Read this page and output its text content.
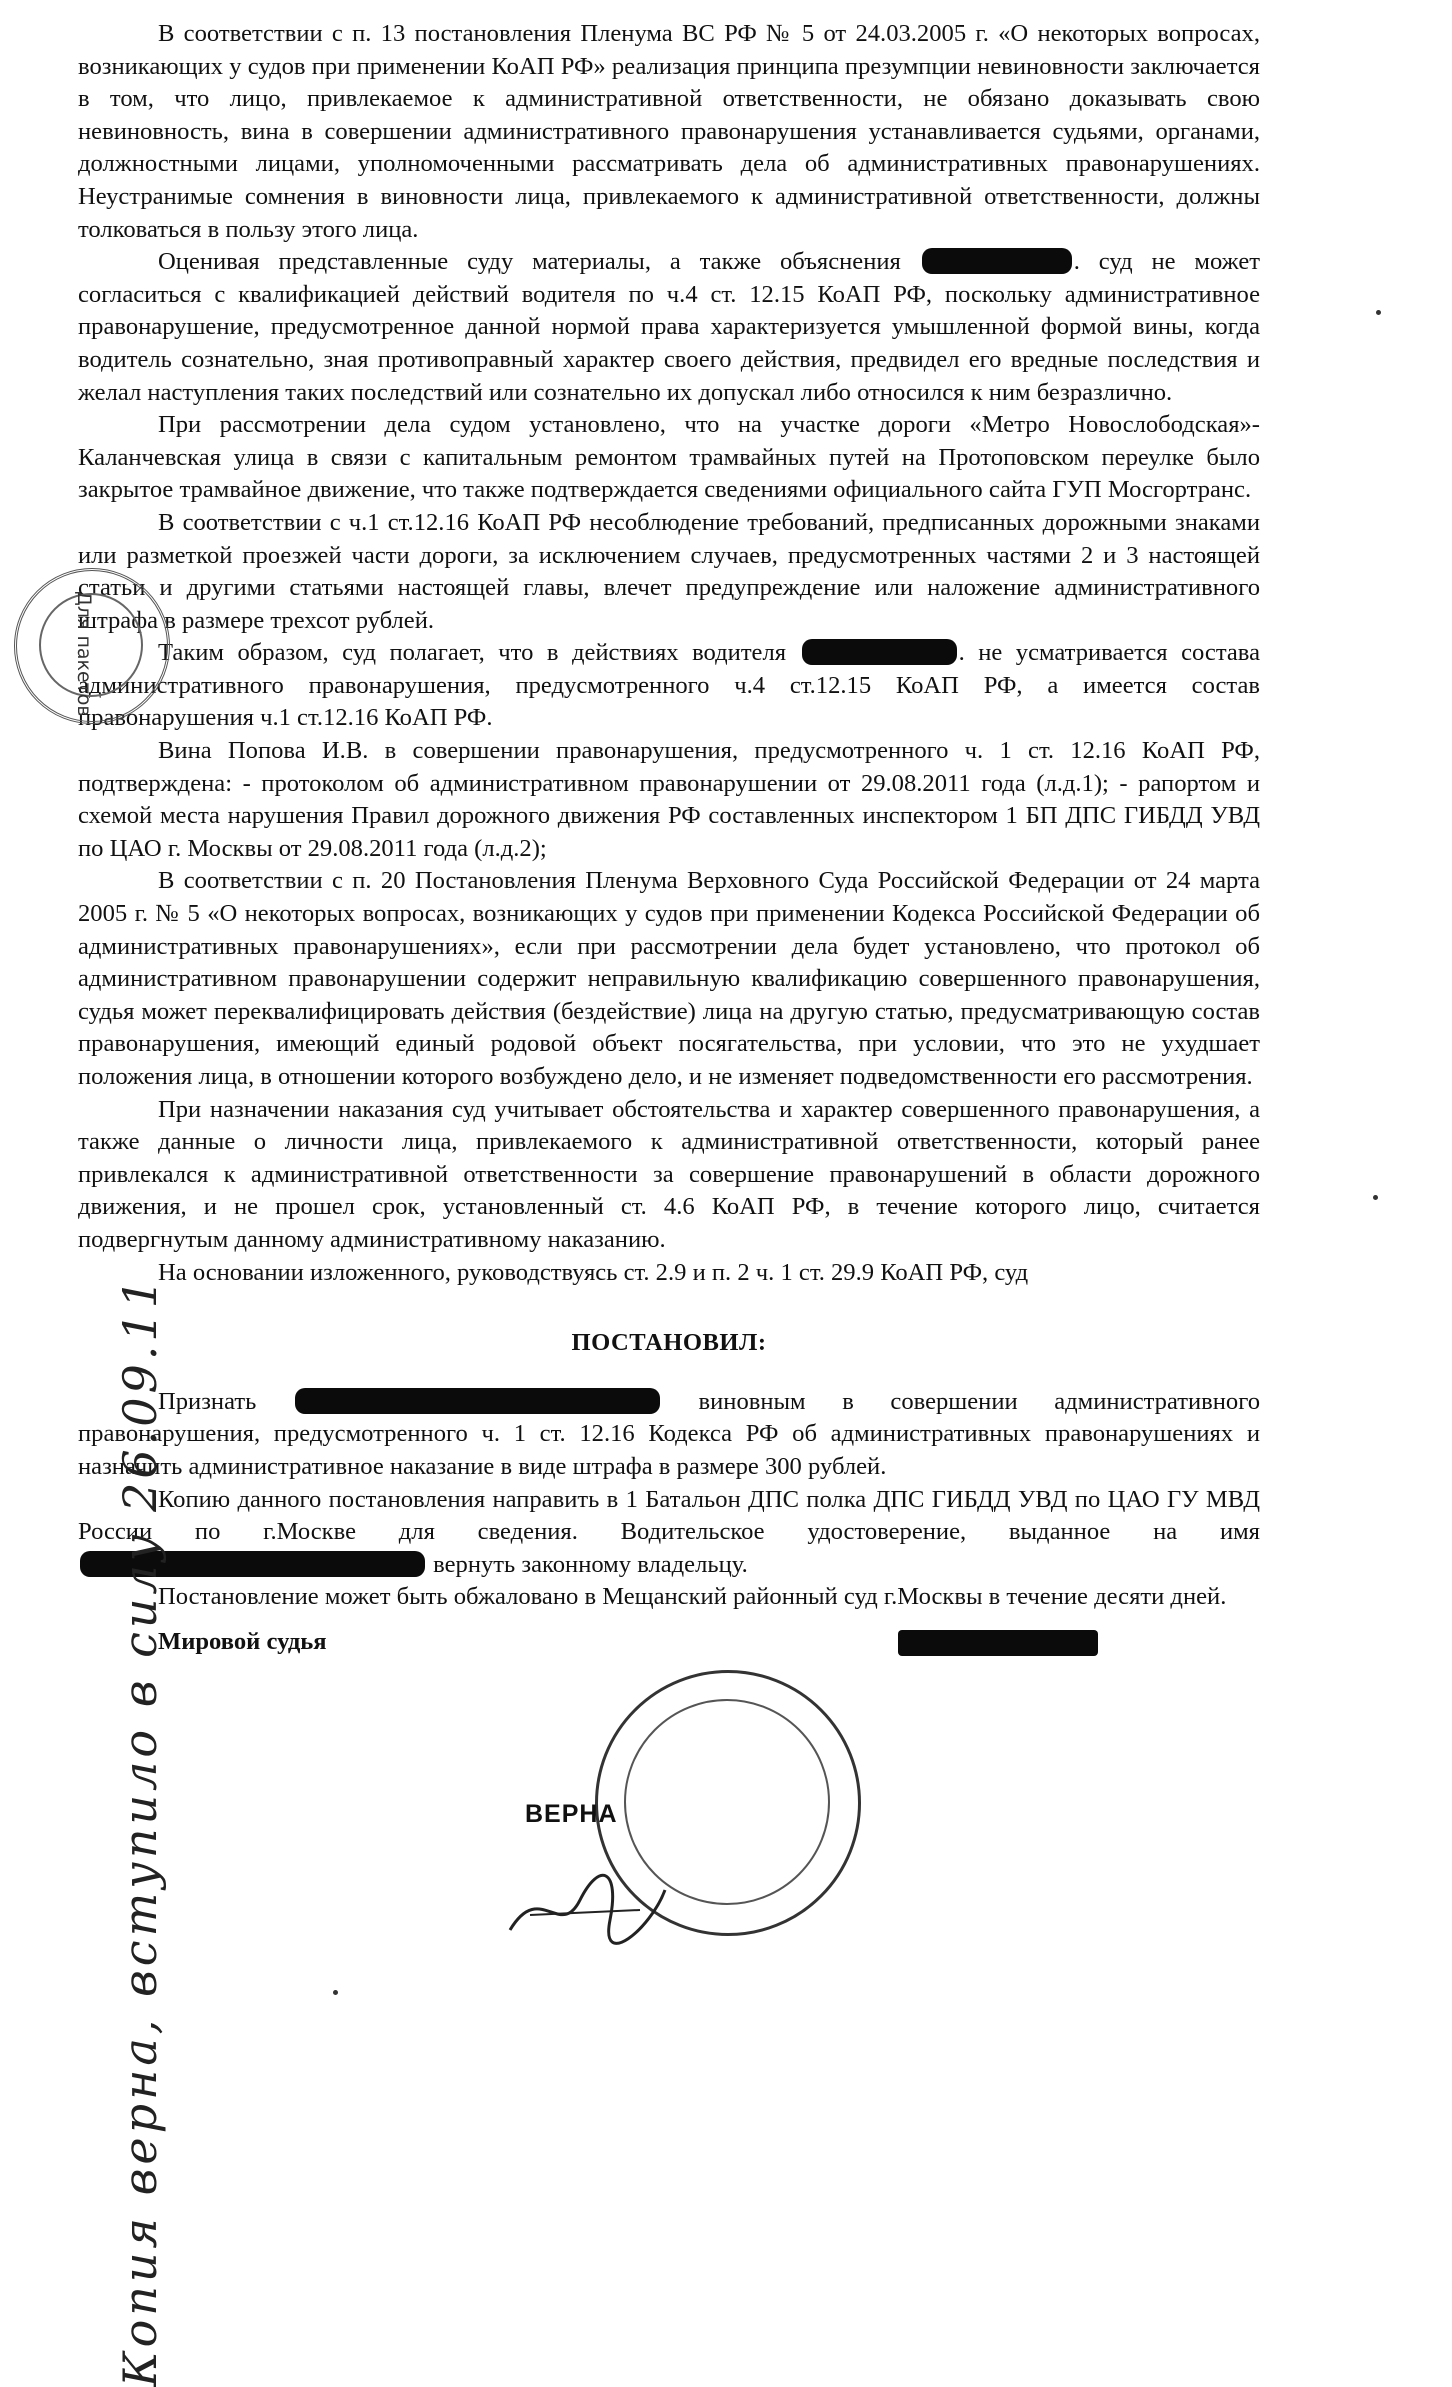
В соответствии с п. 13 постановления Пленума ВС РФ № 5 от 24.03.2005 г. «О некоторых вопросах, возникающих у судов при применении КоАП РФ» реализация принципа презумпции невиновности заключается в том, что лицо, привлекаемое к административной ответственности, не обязано доказывать свою невиновность, вина в совершении административного правонарушения устанавливается судьями, органами, должностными лицами, уполномоченными рассматривать дела об административных правонарушениях. Неустранимые сомнения в виновности лица, привлекаемого к административной ответственности, должны толковаться в пользу этого лица.

Оценивая представленные суду материалы, а также объяснения	. суд не может согласиться с квалификацией действий водителя по ч.4 ст. 12.15 КоАП РФ, поскольку административное правонарушение, предусмотренное данной нормой права характеризуется умышленной формой вины, когда водитель сознательно, зная противоправный характер своего действия, предвидел его вредные последствия и желал наступления таких последствий или сознательно их допускал либо относился к ним безразлично.

При рассмотрении дела судом установлено, что на участке дороги «Метро Новослободская»-Каланчевская улица в связи с капитальным ремонтом трамвайных путей на Протоповском переулке было закрытое трамвайное движение, что также подтверждается сведениями официального сайта ГУП Мосгортранс.

В соответствии с ч.1 ст.12.16 КоАП РФ несоблюдение требований, предписанных дорожными знаками или разметкой проезжей части дороги, за исключением случаев, предусмотренных частями 2 и 3 настоящей статьи и другими статьями настоящей главы, влечет предупреждение или наложение административного штрафа в размере трехсот рублей.

Таким образом, суд полагает, что в действиях водителя	. не усматривается состава административного правонарушения, предусмотренного ч.4 ст.12.15 КоАП РФ, а имеется состав правонарушения ч.1 ст.12.16 КоАП РФ.

Вина Попова И.В. в совершении правонарушения, предусмотренного ч. 1 ст. 12.16 КоАП РФ, подтверждена: - протоколом об административном правонарушении от 29.08.2011 года (л.д.1); - рапортом и схемой места нарушения Правил дорожного движения РФ составленных инспектором 1 БП ДПС ГИБДД УВД по ЦАО г. Москвы от 29.08.2011 года (л.д.2);

В соответствии с п. 20 Постановления Пленума Верховного Суда Российской Федерации от 24 марта 2005 г. № 5 «О некоторых вопросах, возникающих у судов при применении Кодекса Российской Федерации об административных правонарушениях», если при рассмотрении дела будет установлено, что протокол об административном правонарушении содержит неправильную квалификацию совершенного правонарушения, судья может переквалифицировать действия (бездействие) лица на другую статью, предусматривающую состав правонарушения, имеющий единый родовой объект посягательства, при условии, что это не ухудшает положения лица, в отношении которого возбуждено дело, и не изменяет подведомственности его рассмотрения.

При назначении наказания суд учитывает обстоятельства и характер совершенного правонарушения, а также данные о личности лица, привлекаемого к административной ответственности, который ранее привлекался к административной ответственности за совершение правонарушений в области дорожного движения, и не прошел срок, установленный ст. 4.6 КоАП РФ, в течение которого лицо, считается подвергнутым данному административному наказанию.

На основании изложенного, руководствуясь ст. 2.9 и п. 2 ч. 1 ст. 29.9 КоАП РФ, суд

ПОСТАНОВИЛ:

Признать	виновным в совершении административного правонарушения, предусмотренного ч. 1 ст. 12.16 Кодекса РФ об административных правонарушениях и назначить административное наказание в виде штрафа в размере 300 рублей.

Копию данного постановления направить в 1 Батальон ДПС полка ДПС ГИБДД УВД по ЦАО ГУ МВД России по г.Москве для сведения. Водительское удостоверение, выданное на имя  вернуть законному владельцу.

Постановление может быть обжаловано в Мещанский районный суд г.Москвы в течение десяти дней.

Мировой судья

Для пакетов
ВЕРНА
Копия верна, вступило в силу 26.09.11
